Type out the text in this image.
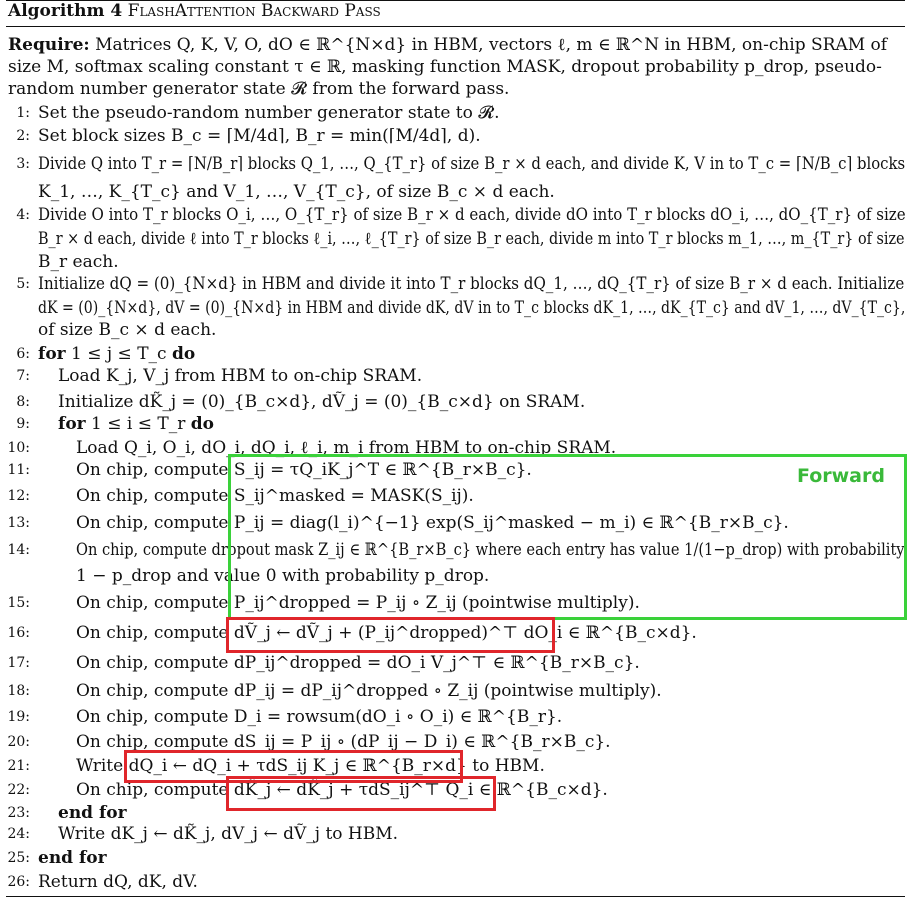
Algorithm 4 FlashAttention Backward Pass
Require: Matrices Q, K, V, O, dO ∈ ℝ^{N×d} in HBM, vectors ℓ, m ∈ ℝ^N in HBM, on-chip SRAM of size M, softmax scaling constant τ ∈ ℝ, masking function MASK, dropout probability p_drop, pseudo-random number generator state 𝓡 from the forward pass.
1: Set the pseudo-random number generator state to 𝓡.
2: Set block sizes B_c = ⌈M/4d⌉, B_r = min(⌈M/4d⌉, d).
3: Divide Q into T_r = ⌈N/B_r⌉ blocks Q_1, …, Q_{T_r} of size B_r × d each, and divide K, V in to T_c = ⌈N/B_c⌉ blocks
K_1, …, K_{T_c} and V_1, …, V_{T_c}, of size B_c × d each.
4: Divide O into T_r blocks O_i, …, O_{T_r} of size B_r × d each, divide dO into T_r blocks dO_i, …, dO_{T_r} of size
B_r × d each, divide ℓ into T_r blocks ℓ_i, …, ℓ_{T_r} of size B_r each, divide m into T_r blocks m_1, …, m_{T_r} of size
B_r each.
5: Initialize dQ = (0)_{N×d} in HBM and divide it into T_r blocks dQ_1, …, dQ_{T_r} of size B_r × d each. Initialize
dK = (0)_{N×d}, dV = (0)_{N×d} in HBM and divide dK, dV in to T_c blocks dK_1, …, dK_{T_c} and dV_1, …, dV_{T_c},
of size B_c × d each.
6: for 1 ≤ j ≤ T_c do
7: Load K_j, V_j from HBM to on-chip SRAM.
8: Initialize dK̃_j = (0)_{B_c×d}, dṼ_j = (0)_{B_c×d} on SRAM.
9: for 1 ≤ i ≤ T_r do
10:	Load Q_i, O_i, dO_i, dQ_i, ℓ_i, m_i from HBM to on-chip SRAM.
11:	On chip, compute S_ij = τQ_iK_j^T ∈ ℝ^{B_r×B_c}.
12:	On chip, compute S_ij^masked = MASK(S_ij).
13:	On chip, compute P_ij = diag(l_i)^{−1} exp(S_ij^masked − m_i) ∈ ℝ^{B_r×B_c}.
14:	On chip, compute dropout mask Z_ij ∈ ℝ^{B_r×B_c} where each entry has value 1/(1−p_drop) with probability
1 − p_drop and value 0 with probability p_drop.
15:	On chip, compute P_ij^dropped = P_ij ∘ Z_ij (pointwise multiply).
16:	On chip, compute dṼ_j ← dṼ_j + (P_ij^dropped)^⊤ dO_i ∈ ℝ^{B_c×d}.
17:	On chip, compute dP_ij^dropped = dO_i V_j^⊤ ∈ ℝ^{B_r×B_c}.
18:	On chip, compute dP_ij = dP_ij^dropped ∘ Z_ij (pointwise multiply).
19:	On chip, compute D_i = rowsum(dO_i ∘ O_i) ∈ ℝ^{B_r}.
20:	On chip, compute dS_ij = P_ij ∘ (dP_ij − D_i) ∈ ℝ^{B_r×B_c}.
21:	Write dQ_i ← dQ_i + τdS_ij K_j ∈ ℝ^{B_r×d} to HBM.
22:	On chip, compute dK̃_j ← dK̃_j + τdS_ij^⊤ Q_i ∈ ℝ^{B_c×d}.
23: end for
24: Write dK_j ← dK̃_j, dV_j ← dṼ_j to HBM.
25: end for
26: Return dQ, dK, dV.
Forward
